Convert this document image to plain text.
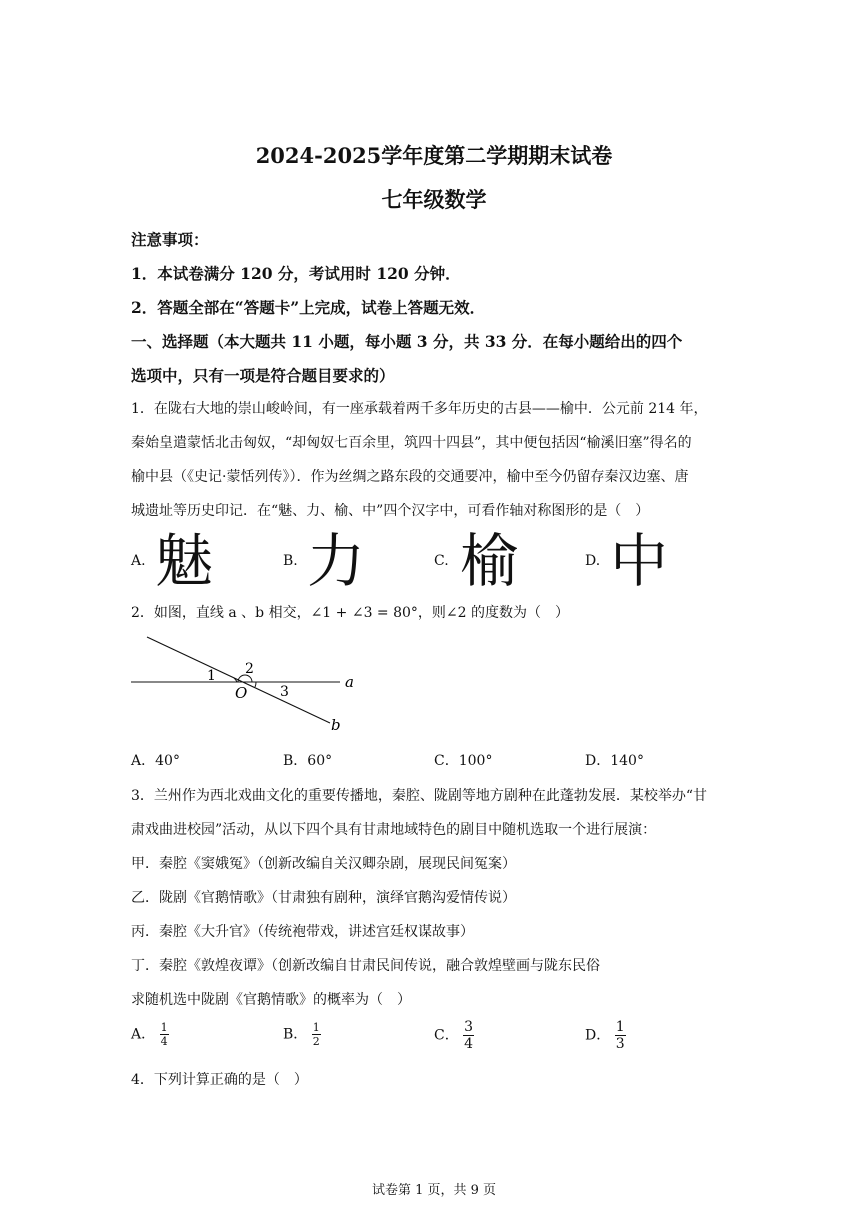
2024-2025学年度第二学期期末试卷
七年级数学
注意事项：
1．本试卷满分 120 分，考试用时 120 分钟．
2．答题全部在“答题卡”上完成，试卷上答题无效．
一、选择题（本大题共 11 小题，每小题 3 分，共 33 分．在每小题给出的四个
选项中，只有一项是符合题目要求的）
1．在陇右大地的崇山峻岭间，有一座承载着两千多年历史的古县——榆中．公元前 214 年，
秦始皇遣蒙恬北击匈奴，“却匈奴七百余里，筑四十四县”，其中便包括因“榆溪旧塞”得名的
榆中县（《史记·蒙恬列传》）．作为丝绸之路东段的交通要冲，榆中至今仍留存秦汉边塞、唐
城遗址等历史印记．在“魅、力、榆、中”四个汉字中，可看作轴对称图形的是（　）
A. 魅	B. 力	C. 榆	D. 中
2．如图，直线 a 、b 相交，∠1 + ∠3 = 80°，则∠2 的度数为（　）
1 2
3
O
a
b
A．40°	B．60°	C．100°	D．140°
3．兰州作为西北戏曲文化的重要传播地，秦腔、陇剧等地方剧种在此蓬勃发展．某校举办“甘
肃戏曲进校园”活动，从以下四个具有甘肃地域特色的剧目中随机选取一个进行展演：
甲．秦腔《窦娥冤》（创新改编自关汉卿杂剧，展现民间冤案）
乙．陇剧《官鹅情歌》（甘肃独有剧种，演绎官鹅沟爱情传说）
丙．秦腔《大升官》（传统袍带戏，讲述宫廷权谋故事）
丁．秦腔《敦煌夜谭》（创新改编自甘肃民间传说，融合敦煌壁画与陇东民俗
求随机选中陇剧《官鹅情歌》的概率为（　）
A． $\frac{1}{4}$	B． $\frac{1}{2}$	C． $\frac{3}{4}$	D． $\frac{1}{3}$
4．下列计算正确的是（　）
试卷第 1 页，共 9 页
